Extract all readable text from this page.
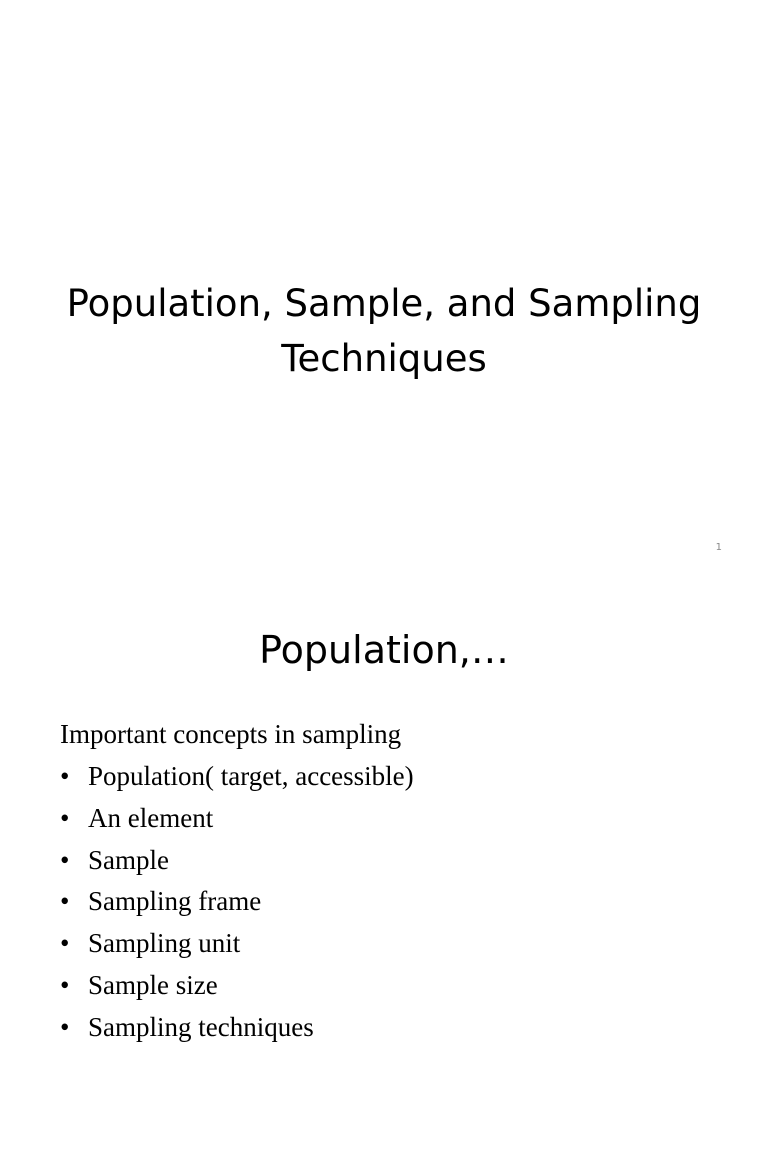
Population, Sample, and Sampling Techniques
1
Population,…
Important concepts in sampling
• Population( target, accessible)
• An element
• Sample
• Sampling frame
• Sampling unit
• Sample size
• Sampling techniques
